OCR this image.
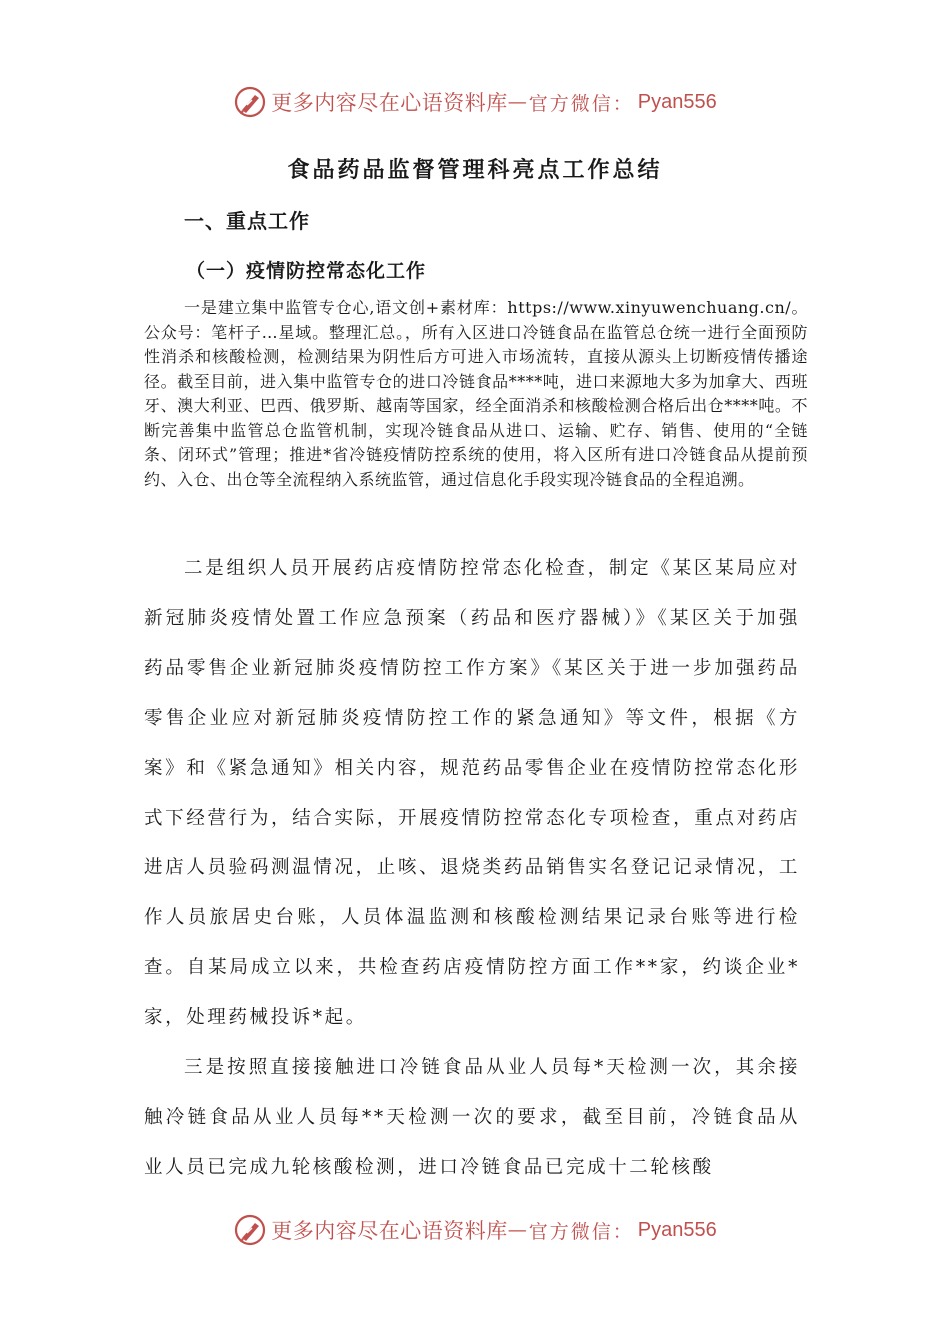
更多内容尽在心语资料库 — 官方微信： Pyan556
食品药品监督管理科亮点工作总结
一、重点工作
（一）疫情防控常态化工作

一是建立集中监管专仓心,语文创+素材库：https://www.xinyuwenchuang.cn/。公众号：笔杆子…星域。整理汇总。，所有入区进口冷链食品在监管总仓统一进行全面预防性消杀和核酸检测，检测结果为阴性后方可进入市场流转，直接从源头上切断疫情传播途径。截至目前，进入集中监管专仓的进口冷链食品****吨，进口来源地大多为加拿大、西班牙、澳大利亚、巴西、俄罗斯、越南等国家，经全面消杀和核酸检测合格后出仓****吨。不断完善集中监管总仓监管机制，实现冷链食品从进口、运输、贮存、销售、使用的“全链条、闭环式”管理；推进*省冷链疫情防控系统的使用，将入区所有进口冷链食品从提前预约、入仓、出仓等全流程纳入系统监管，通过信息化手段实现冷链食品的全程追溯。

二是组织人员开展药店疫情防控常态化检查，制定《某区某局应对新冠肺炎疫情处置工作应急预案（药品和医疗器械）》《某区关于加强药品零售企业新冠肺炎疫情防控工作方案》《某区关于进一步加强药品零售企业应对新冠肺炎疫情防控工作的紧急通知》等文件，根据《方案》和《紧急通知》相关内容，规范药品零售企业在疫情防控常态化形式下经营行为，结合实际，开展疫情防控常态化专项检查，重点对药店进店人员验码测温情况，止咳、退烧类药品销售实名登记记录情况，工作人员旅居史台账，人员体温监测和核酸检测结果记录台账等进行检查。自某局成立以来，共检查药店疫情防控方面工作**家，约谈企业*家，处理药械投诉*起。

三是按照直接接触进口冷链食品从业人员每*天检测一次，其余接触冷链食品从业人员每**天检测一次的要求，截至目前，冷链食品从业人员已完成九轮核酸检测，进口冷链食品已完成十二轮核酸

更多内容尽在心语资料库 — 官方微信： Pyan556
